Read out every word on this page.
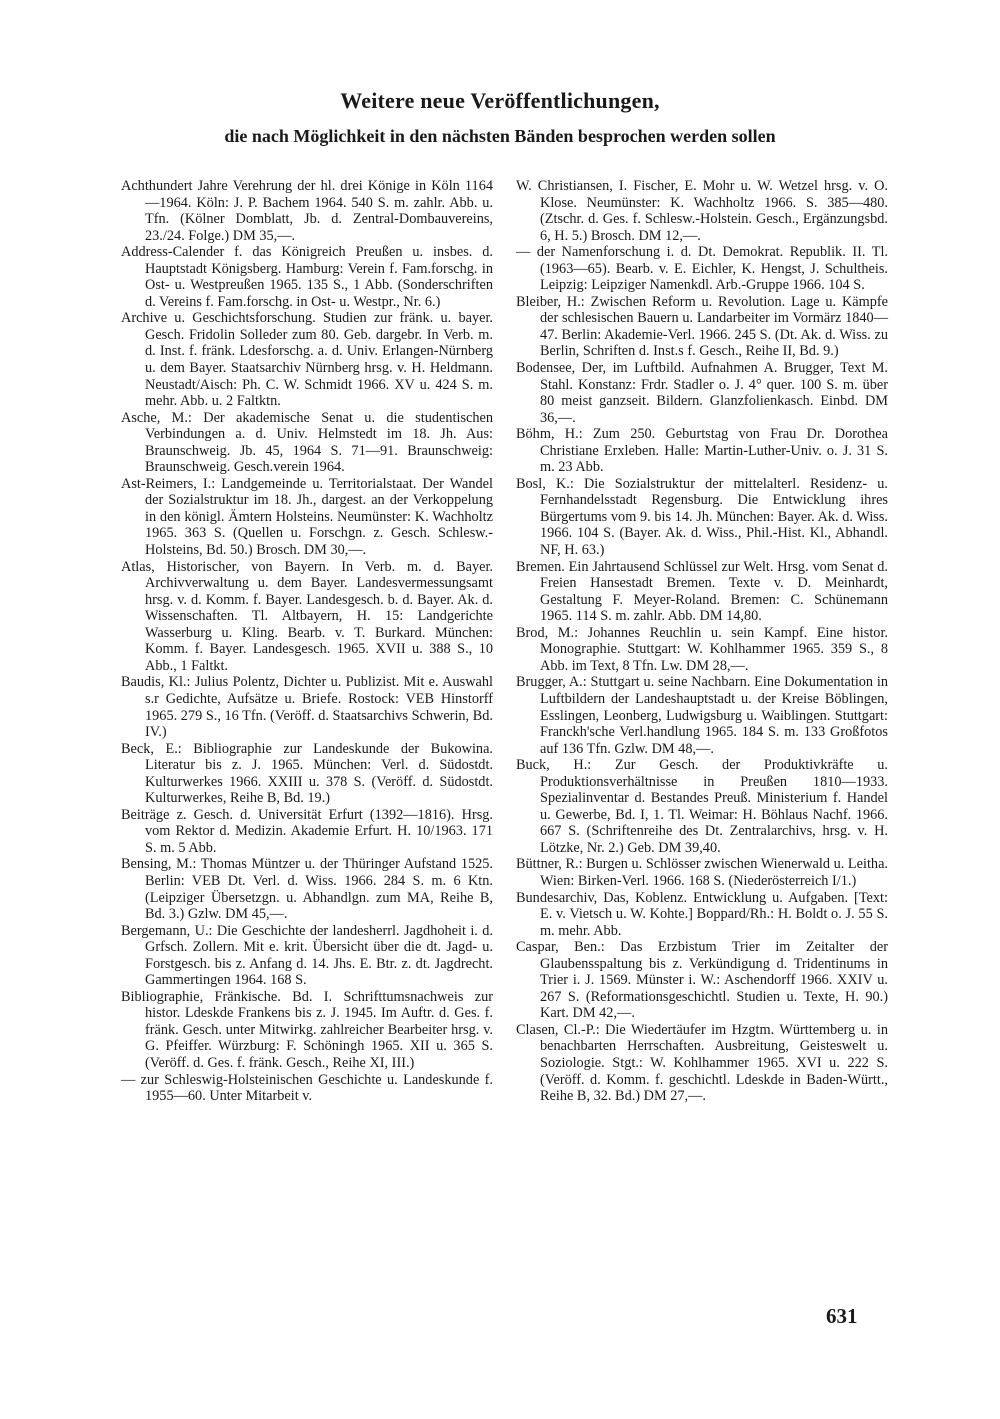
Weitere neue Veröffentlichungen,
die nach Möglichkeit in den nächsten Bänden besprochen werden sollen

Achthundert Jahre Verehrung der hl. drei Könige in Köln 1164—1964. Köln: J. P. Bachem 1964. 540 S. m. zahlr. Abb. u. Tfn. (Kölner Domblatt, Jb. d. Zentral-Dombauvereins, 23./24. Folge.) DM 35,—.

Address-Calender f. das Königreich Preußen u. insbes. d. Hauptstadt Königsberg. Hamburg: Verein f. Fam.forschg. in Ost- u. Westpreußen 1965. 135 S., 1 Abb. (Sonderschriften d. Vereins f. Fam.forschg. in Ost- u. Westpr., Nr. 6.)

Archive u. Geschichtsforschung. Studien zur fränk. u. bayer. Gesch. Fridolin Solleder zum 80. Geb. dargebr. In Verb. m. d. Inst. f. fränk. Ldesforschg. a. d. Univ. Erlangen-Nürnberg u. dem Bayer. Staatsarchiv Nürnberg hrsg. v. H. Heldmann. Neustadt/Aisch: Ph. C. W. Schmidt 1966. XV u. 424 S. m. mehr. Abb. u. 2 Faltktn.

Asche, M.: Der akademische Senat u. die studentischen Verbindungen a. d. Univ. Helmstedt im 18. Jh. Aus: Braunschweig. Jb. 45, 1964 S. 71—91. Braunschweig: Braunschweig. Gesch.verein 1964.

Ast-Reimers, I.: Landgemeinde u. Territorialstaat. Der Wandel der Sozialstruktur im 18. Jh., dargest. an der Verkoppelung in den königl. Ämtern Holsteins. Neumünster: K. Wachholtz 1965. 363 S. (Quellen u. Forschgn. z. Gesch. Schlesw.-Holsteins, Bd. 50.) Brosch. DM 30,—.

Atlas, Historischer, von Bayern. In Verb. m. d. Bayer. Archivverwaltung u. dem Bayer. Landesvermessungsamt hrsg. v. d. Komm. f. Bayer. Landesgesch. b. d. Bayer. Ak. d. Wissenschaften. Tl. Altbayern, H. 15: Landgerichte Wasserburg u. Kling. Bearb. v. T. Burkard. München: Komm. f. Bayer. Landesgesch. 1965. XVII u. 388 S., 10 Abb., 1 Faltkt.

Baudis, Kl.: Julius Polentz, Dichter u. Publizist. Mit e. Auswahl s.r Gedichte, Aufsätze u. Briefe. Rostock: VEB Hinstorff 1965. 279 S., 16 Tfn. (Veröff. d. Staatsarchivs Schwerin, Bd. IV.)

Beck, E.: Bibliographie zur Landeskunde der Bukowina. Literatur bis z. J. 1965. München: Verl. d. Südostdt. Kulturwerkes 1966. XXIII u. 378 S. (Veröff. d. Südostdt. Kulturwerkes, Reihe B, Bd. 19.)

Beiträge z. Gesch. d. Universität Erfurt (1392—1816). Hrsg. vom Rektor d. Medizin. Akademie Erfurt. H. 10/1963. 171 S. m. 5 Abb.

Bensing, M.: Thomas Müntzer u. der Thüringer Aufstand 1525. Berlin: VEB Dt. Verl. d. Wiss. 1966. 284 S. m. 6 Ktn. (Leipziger Übersetzgn. u. Abhandlgn. zum MA, Reihe B, Bd. 3.) Gzlw. DM 45,—.

Bergemann, U.: Die Geschichte der landesherrl. Jagdhoheit i. d. Grfsch. Zollern. Mit e. krit. Übersicht über die dt. Jagd- u. Forstgesch. bis z. Anfang d. 14. Jhs. E. Btr. z. dt. Jagdrecht. Gammertingen 1964. 168 S.

Bibliographie, Fränkische. Bd. I. Schrifttumsnachweis zur histor. Ldeskde Frankens bis z. J. 1945. Im Auftr. d. Ges. f. fränk. Gesch. unter Mitwirkg. zahlreicher Bearbeiter hrsg. v. G. Pfeiffer. Würzburg: F. Schöningh 1965. XII u. 365 S. (Veröff. d. Ges. f. fränk. Gesch., Reihe XI, III.)

— zur Schleswig-Holsteinischen Geschichte u. Landeskunde f. 1955—60. Unter Mitarbeit v.

W. Christiansen, I. Fischer, E. Mohr u. W. Wetzel hrsg. v. O. Klose. Neumünster: K. Wachholtz 1966. S. 385—480. (Ztschr. d. Ges. f. Schlesw.-Holstein. Gesch., Ergänzungsbd. 6, H. 5.) Brosch. DM 12,—.

— der Namenforschung i. d. Dt. Demokrat. Republik. II. Tl. (1963—65). Bearb. v. E. Eichler, K. Hengst, J. Schultheis. Leipzig: Leipziger Namenkdl. Arb.-Gruppe 1966. 104 S.

Bleiber, H.: Zwischen Reform u. Revolution. Lage u. Kämpfe der schlesischen Bauern u. Landarbeiter im Vormärz 1840—47. Berlin: Akademie-Verl. 1966. 245 S. (Dt. Ak. d. Wiss. zu Berlin, Schriften d. Inst.s f. Gesch., Reihe II, Bd. 9.)

Bodensee, Der, im Luftbild. Aufnahmen A. Brugger, Text M. Stahl. Konstanz: Frdr. Stadler o. J. 4° quer. 100 S. m. über 80 meist ganzseit. Bildern. Glanzfolienkasch. Einbd. DM 36,—.

Böhm, H.: Zum 250. Geburtstag von Frau Dr. Dorothea Christiane Erxleben. Halle: Martin-Luther-Univ. o. J. 31 S. m. 23 Abb.

Bosl, K.: Die Sozialstruktur der mittelalterl. Residenz- u. Fernhandelsstadt Regensburg. Die Entwicklung ihres Bürgertums vom 9. bis 14. Jh. München: Bayer. Ak. d. Wiss. 1966. 104 S. (Bayer. Ak. d. Wiss., Phil.-Hist. Kl., Abhandl. NF, H. 63.)

Bremen. Ein Jahrtausend Schlüssel zur Welt. Hrsg. vom Senat d. Freien Hansestadt Bremen. Texte v. D. Meinhardt, Gestaltung F. Meyer-Roland. Bremen: C. Schünemann 1965. 114 S. m. zahlr. Abb. DM 14,80.

Brod, M.: Johannes Reuchlin u. sein Kampf. Eine histor. Monographie. Stuttgart: W. Kohlhammer 1965. 359 S., 8 Abb. im Text, 8 Tfn. Lw. DM 28,—.

Brugger, A.: Stuttgart u. seine Nachbarn. Eine Dokumentation in Luftbildern der Landeshauptstadt u. der Kreise Böblingen, Esslingen, Leonberg, Ludwigsburg u. Waiblingen. Stuttgart: Franckh'sche Verl.handlung 1965. 184 S. m. 133 Großfotos auf 136 Tfn. Gzlw. DM 48,—.

Buck, H.: Zur Gesch. der Produktivkräfte u. Produktionsverhältnisse in Preußen 1810—1933. Spezialinventar d. Bestandes Preuß. Ministerium f. Handel u. Gewerbe, Bd. I, 1. Tl. Weimar: H. Böhlaus Nachf. 1966. 667 S. (Schriftenreihe des Dt. Zentralarchivs, hrsg. v. H. Lötzke, Nr. 2.) Geb. DM 39,40.

Büttner, R.: Burgen u. Schlösser zwischen Wienerwald u. Leitha. Wien: Birken-Verl. 1966. 168 S. (Niederösterreich I/1.)

Bundesarchiv, Das, Koblenz. Entwicklung u. Aufgaben. [Text: E. v. Vietsch u. W. Kohte.] Boppard/Rh.: H. Boldt o. J. 55 S. m. mehr. Abb.

Caspar, Ben.: Das Erzbistum Trier im Zeitalter der Glaubensspaltung bis z. Verkündigung d. Tridentinums in Trier i. J. 1569. Münster i. W.: Aschendorff 1966. XXIV u. 267 S. (Reformationsgeschichtl. Studien u. Texte, H. 90.) Kart. DM 42,—.

Clasen, Cl.-P.: Die Wiedertäufer im Hzgtm. Württemberg u. in benachbarten Herrschaften. Ausbreitung, Geisteswelt u. Soziologie. Stgt.: W. Kohlhammer 1965. XVI u. 222 S. (Veröff. d. Komm. f. geschichtl. Ldeskde in Baden-Württ., Reihe B, 32. Bd.) DM 27,—.

631
